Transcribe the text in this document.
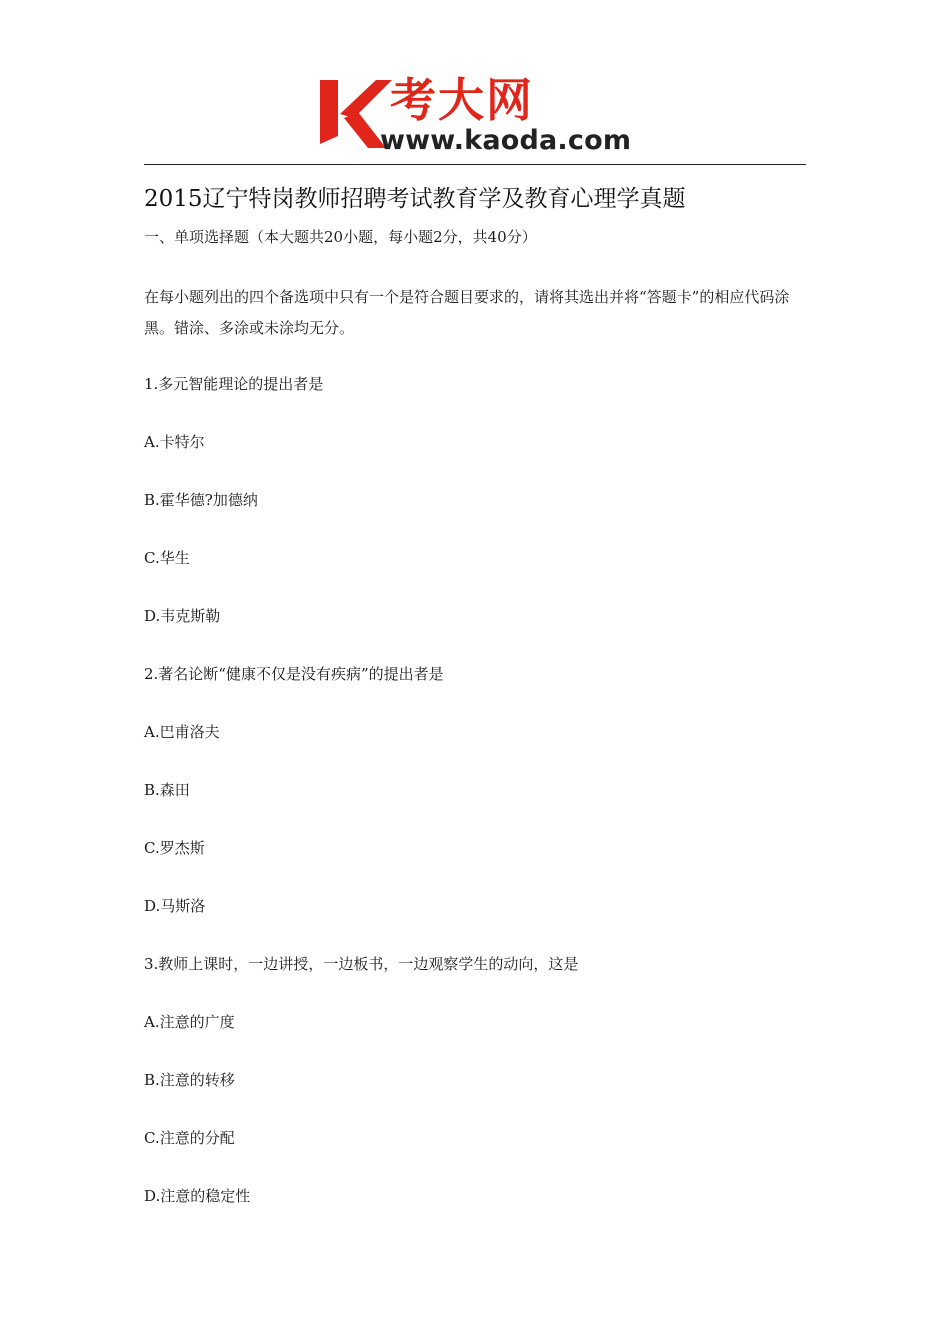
考大网
www.kaoda.com
2015辽宁特岗教师招聘考试教育学及教育心理学真题
一、单项选择题（本大题共20小题，每小题2分，共40分）
在每小题列出的四个备选项中只有一个是符合题目要求的，请将其选出并将“答题卡”的相应代码涂黑。错涂、多涂或未涂均无分。
1.多元智能理论的提出者是
A.卡特尔
B.霍华德?加德纳
C.华生
D.韦克斯勒
2.著名论断“健康不仅是没有疾病”的提出者是
A.巴甫洛夫
B.森田
C.罗杰斯
D.马斯洛
3.教师上课时，一边讲授，一边板书，一边观察学生的动向，这是
A.注意的广度
B.注意的转移
C.注意的分配
D.注意的稳定性
